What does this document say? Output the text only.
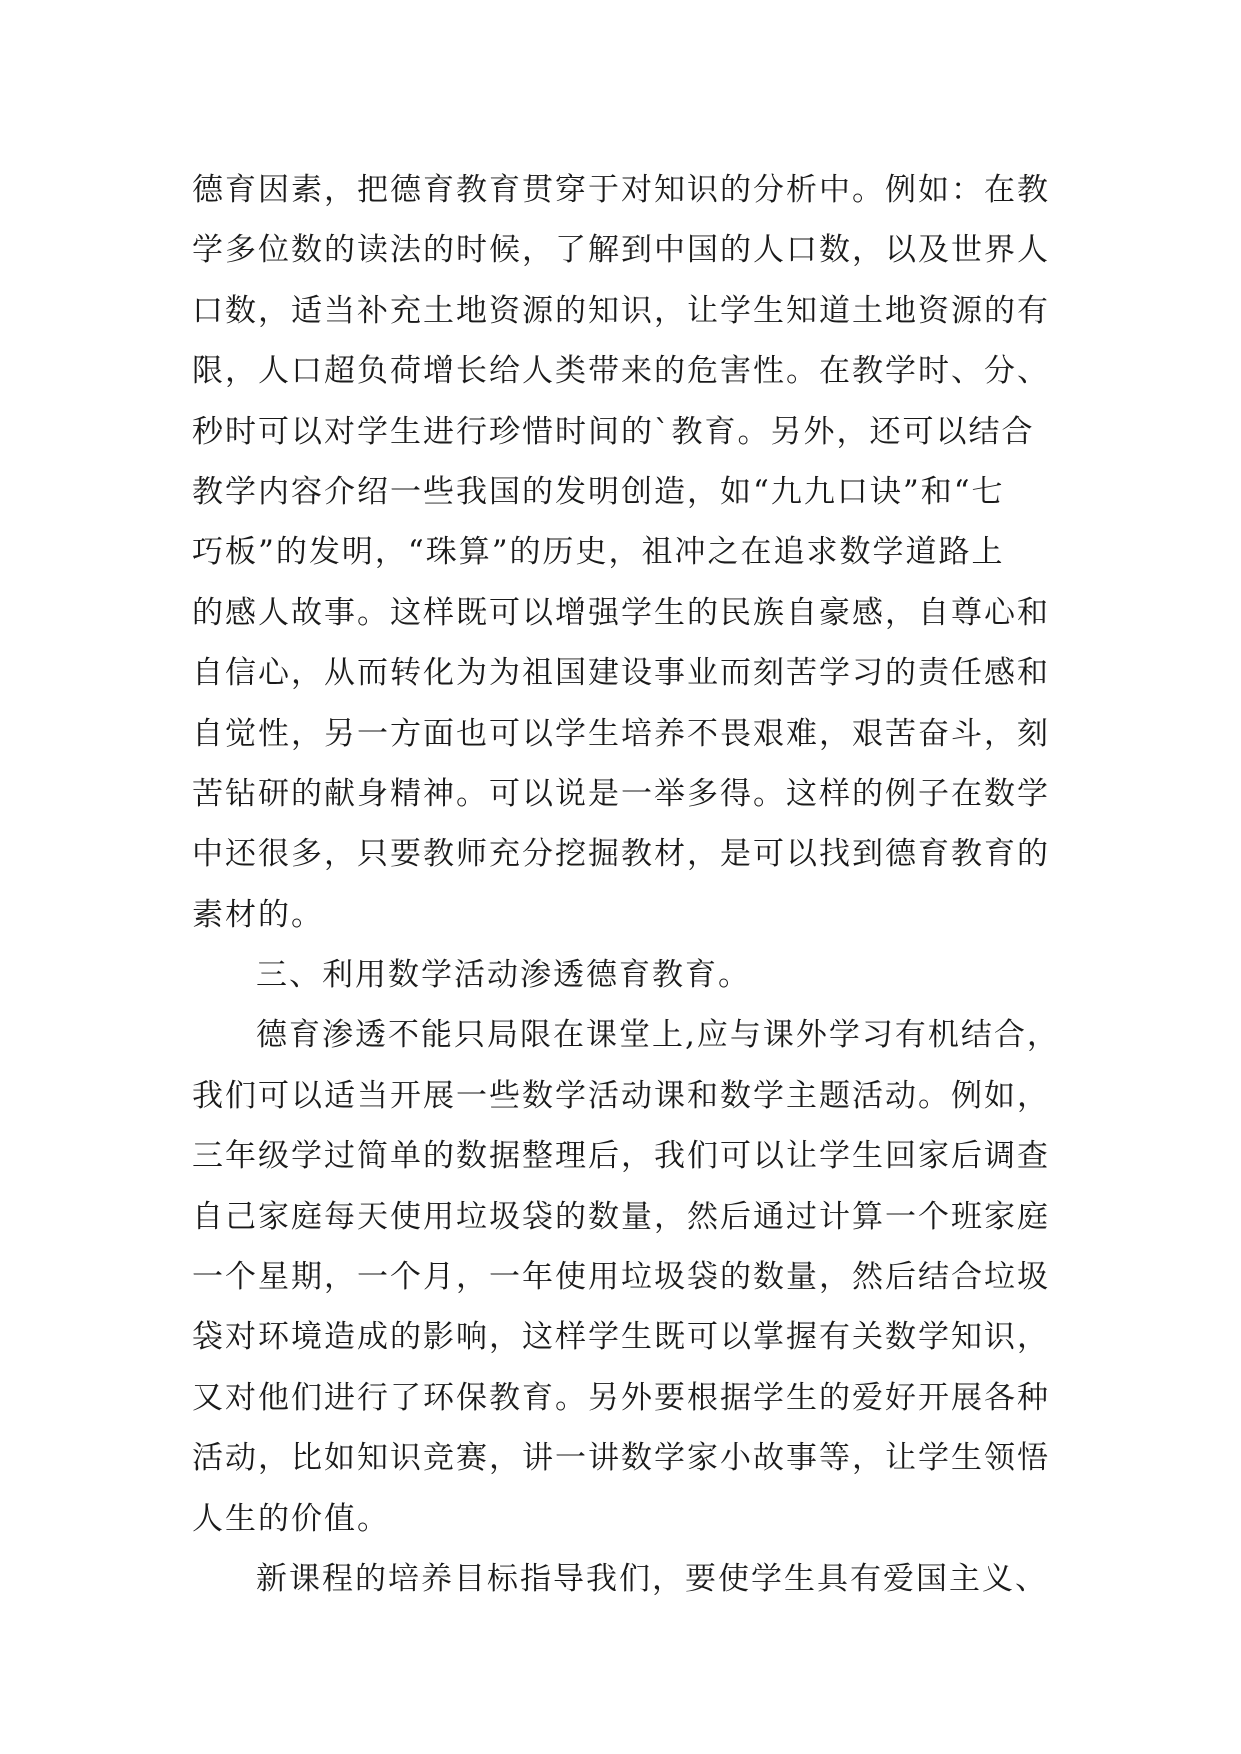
德育因素，把德育教育贯穿于对知识的分析中。例如：在教
学多位数的读法的时候，了解到中国的人口数，以及世界人
口数，适当补充土地资源的知识，让学生知道土地资源的有
限，人口超负荷增长给人类带来的危害性。在教学时、分、
秒时可以对学生进行珍惜时间的`教育。另外，还可以结合
教学内容介绍一些我国的发明创造，如“九九口诀”和“七
巧板”的发明，“珠算”的历史，祖冲之在追求数学道路上
的感人故事。这样既可以增强学生的民族自豪感，自尊心和
自信心，从而转化为为祖国建设事业而刻苦学习的责任感和
自觉性，另一方面也可以学生培养不畏艰难，艰苦奋斗，刻
苦钻研的献身精神。可以说是一举多得。这样的例子在数学
中还很多，只要教师充分挖掘教材，是可以找到德育教育的
素材的。
三、利用数学活动渗透德育教育。
德育渗透不能只局限在课堂上,应与课外学习有机结合，
我们可以适当开展一些数学活动课和数学主题活动。例如，
三年级学过简单的数据整理后，我们可以让学生回家后调查
自己家庭每天使用垃圾袋的数量，然后通过计算一个班家庭
一个星期，一个月，一年使用垃圾袋的数量，然后结合垃圾
袋对环境造成的影响，这样学生既可以掌握有关数学知识，
又对他们进行了环保教育。另外要根据学生的爱好开展各种
活动，比如知识竞赛，讲一讲数学家小故事等，让学生领悟
人生的价值。
新课程的培养目标指导我们，要使学生具有爱国主义、
